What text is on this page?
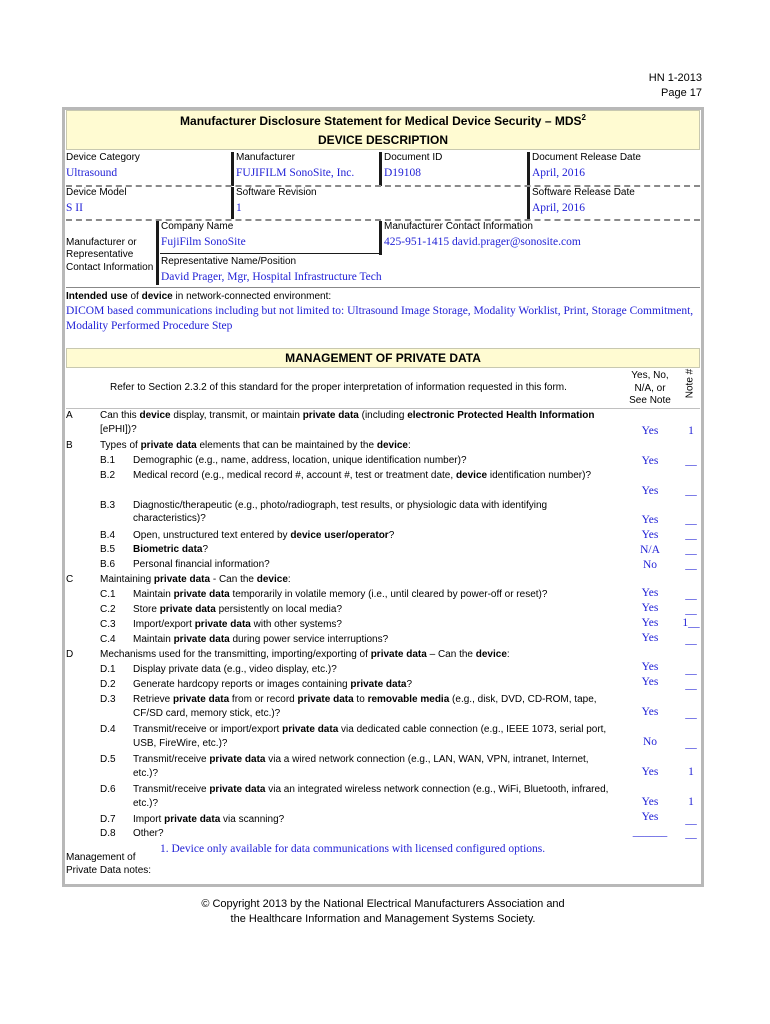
HN 1-2013
Page 17
Manufacturer Disclosure Statement for Medical Device Security – MDS$^2$
DEVICE DESCRIPTION
Device Category
Ultrasound
Manufacturer
FUJIFILM SonoSite, Inc.
Document ID
D19108
Document Release Date
April, 2016
Device Model
S II
Software Revision
1
Software Release Date
April, 2016
Manufacturer or
Representative
Contact Information
Company Name
FujiFilm SonoSite
Manufacturer Contact Information
425-951-1415 david.prager@sonosite.com
Representative Name/Position
David Prager, Mgr, Hospital Infrastructure Tech
Intended use of device in network-connected environment:
DICOM based communications including but not limited to: Ultrasound Image Storage, Modality Worklist, Print, Storage Commitment,
Modality Performed Procedure Step
MANAGEMENT OF PRIVATE DATA
Refer to Section 2.3.2 of this standard for the proper interpretation of information requested in this form.
Yes, No,
N/A, or
See Note
Note #
A	Can this device display, transmit, or maintain private data (including electronic Protected Health Information
[ePHI])?	Yes	1
B	Types of private data elements that can be maintained by the device:
B.1 Demographic (e.g., name, address, location, unique identification number)?	Yes	__
B.2 Medical record (e.g., medical record #, account #, test or treatment date, device identification number)?
Yes	__
B.3 Diagnostic/therapeutic (e.g., photo/radiograph, test results, or physiologic data with identifying
characteristics)?	Yes	__
B.4 Open, unstructured text entered by device user/operator?	Yes	__
B.5 Biometric data?	N/A	__
B.6 Personal financial information?	No	__
C	Maintaining private data - Can the device:
C.1 Maintain private data temporarily in volatile memory (i.e., until cleared by power-off or reset)?	Yes	__
C.2 Store private data persistently on local media?	Yes	__
C.3 Import/export private data with other systems?	Yes	1__
C.4 Maintain private data during power service interruptions?	Yes	__
D	Mechanisms used for the transmitting, importing/exporting of private data – Can the device:
D.1 Display private data (e.g., video display, etc.)?	Yes	__
D.2 Generate hardcopy reports or images containing private data?	Yes	__
D.3 Retrieve private data from or record private data to removable media (e.g., disk, DVD, CD-ROM, tape,
CF/SD card, memory stick, etc.)?	Yes	__
D.4 Transmit/receive or import/export private data via dedicated cable connection (e.g., IEEE 1073, serial port,
USB, FireWire, etc.)?	No	__
D.5 Transmit/receive private data via a wired network connection (e.g., LAN, WAN, VPN, intranet, Internet,
etc.)?	Yes	1
D.6 Transmit/receive private data via an integrated wireless network connection (e.g., WiFi, Bluetooth, infrared,
etc.)?	Yes	1
D.7 Import private data via scanning?	Yes	__
D.8 Other?	______	__
Management of
Private Data notes:
1. Device only available for data communications with licensed configured options.
© Copyright 2013 by the National Electrical Manufacturers Association and
the Healthcare Information and Management Systems Society.
